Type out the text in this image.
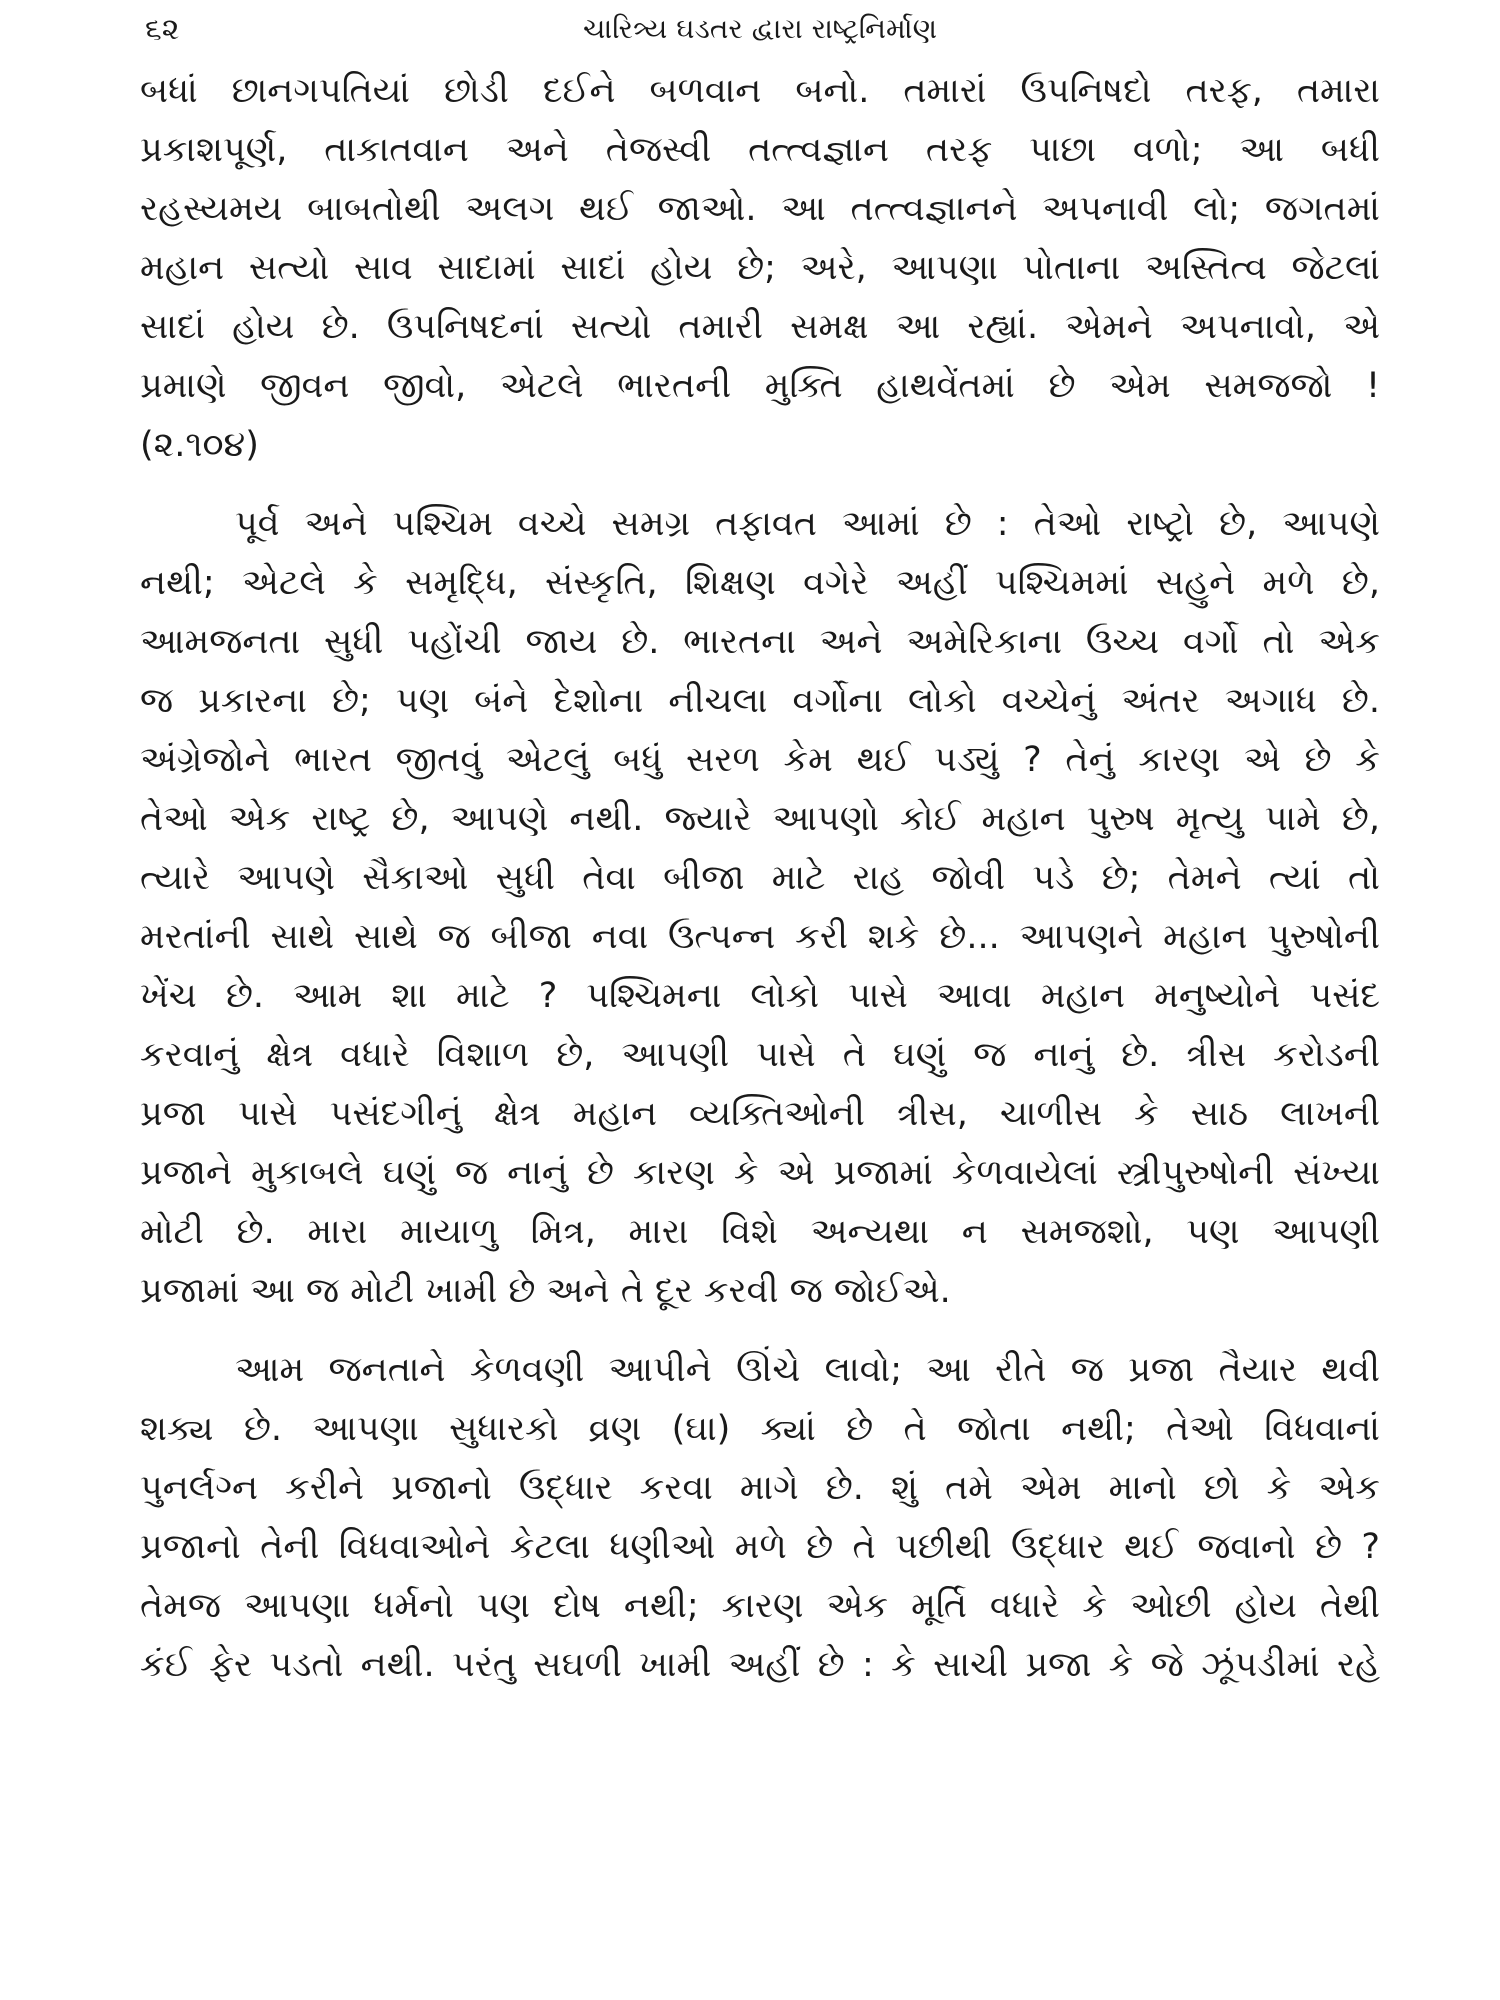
૬૨	ચારિત્ર્ય ઘડતર દ્વારા રાષ્ટ્રનિર્માણ
બધાં છાનગપતિયાં છોડી દઈને બળવાન બનો. તમારાં ઉપનિષદો તરફ, તમારા
પ્રકાશપૂર્ણ, તાકાતવાન અને તેજસ્વી તત્ત્વજ્ઞાન તરફ પાછા વળો; આ બધી
રહસ્યમય બાબતોથી અલગ થઈ જાઓ. આ તત્ત્વજ્ઞાનને અપનાવી લો; જગતમાં
મહાન સત્યો સાવ સાદામાં સાદાં હોય છે; અરે, આપણા પોતાના અસ્તિત્વ જેટલાં
સાદાં હોય છે. ઉપનિષદનાં સત્યો તમારી સમક્ષ આ રહ્યાં. એમને અપનાવો, એ
પ્રમાણે જીવન જીવો, એટલે ભારતની મુક્તિ હાથવેંતમાં છે એમ સમજજો !
(૨.૧૦૪)
પૂર્વ અને પશ્ચિમ વચ્ચે સમગ્ર તફાવત આમાં છે : તેઓ રાષ્ટ્રો છે, આપણે
નથી; એટલે કે સમૃદ્ધિ, સંસ્કૃતિ, શિક્ષણ વગેરે અહીં પશ્ચિમમાં સહુને મળે છે,
આમજનતા સુધી પહોંચી જાય છે. ભારતના અને અમેરિકાના ઉચ્ચ વર્ગો તો એક
જ પ્રકારના છે; પણ બંને દેશોના નીચલા વર્ગોના લોકો વચ્ચેનું અંતર અગાધ છે.
અંગ્રેજોને ભારત જીતવું એટલું બધું સરળ કેમ થઈ પડ્યું ? તેનું કારણ એ છે કે
તેઓ એક રાષ્ટ્ર છે, આપણે નથી. જ્યારે આપણો કોઈ મહાન પુરુષ મૃત્યુ પામે છે,
ત્યારે આપણે સૈકાઓ સુધી તેવા બીજા માટે રાહ જોવી પડે છે; તેમને ત્યાં તો
મરતાંની સાથે સાથે જ બીજા નવા ઉત્પન્ન કરી શકે છે... આપણને મહાન પુરુષોની
ખેંચ છે. આમ શા માટે ? પશ્ચિમના લોકો પાસે આવા મહાન મનુષ્યોને પસંદ
કરવાનું ક્ષેત્ર વધારે વિશાળ છે, આપણી પાસે તે ઘણું જ નાનું છે. ત્રીસ કરોડની
પ્રજા પાસે પસંદગીનું ક્ષેત્ર મહાન વ્યક્તિઓની ત્રીસ, ચાળીસ કે સાઠ લાખની
પ્રજાને મુકાબલે ઘણું જ નાનું છે કારણ કે એ પ્રજામાં કેળવાયેલાં સ્ત્રીપુરુષોની સંખ્યા
મોટી છે. મારા માયાળુ મિત્ર, મારા વિશે અન્યથા ન સમજશો, પણ આપણી
પ્રજામાં આ જ મોટી ખામી છે અને તે દૂર કરવી જ જોઈએ.
આમ જનતાને કેળવણી આપીને ઊંચે લાવો; આ રીતે જ પ્રજા તૈયાર થવી
શક્ય છે. આપણા સુધારકો વ્રણ (ઘા) ક્યાં છે તે જોતા નથી; તેઓ વિધવાનાં
પુનર્લગ્ન કરીને પ્રજાનો ઉદ્ધાર કરવા માગે છે. શું તમે એમ માનો છો કે એક
પ્રજાનો તેની વિધવાઓને કેટલા ધણીઓ મળે છે તે પછીથી ઉદ્ધાર થઈ જવાનો છે ?
તેમજ આપણા ધર્મનો પણ દોષ નથી; કારણ એક મૂર્તિ વધારે કે ઓછી હોય તેથી
કંઈ ફેર પડતો નથી. પરંતુ સઘળી ખામી અહીં છે : કે સાચી પ્રજા કે જે ઝૂંપડીમાં રહે
